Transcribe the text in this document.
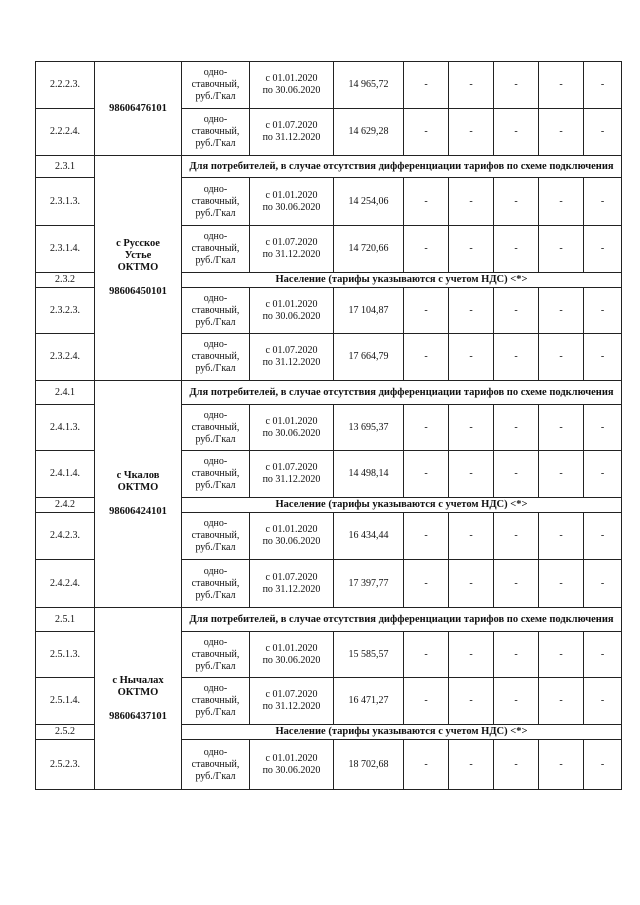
2.2.2.3.	98606476101	одно-
ставочный,
руб./Гкал	с 01.01.2020
по 30.06.2020	14 965,72	-	-	-	-	-
2.2.2.4.		одно-
ставочный,
руб./Гкал	с 01.07.2020
по 31.12.2020	14 629,28	-	-	-	-	-
2.3.1	с Русское
Устье
ОКТМО

98606450101	Для потребителей, в случае отсутствия дифференциации тарифов по схеме подключения							
2.3.1.3.		одно-
ставочный,
руб./Гкал	с 01.01.2020
по 30.06.2020	14 254,06	-	-	-	-	-
2.3.1.4.		одно-
ставочный,
руб./Гкал	с 01.07.2020
по 31.12.2020	14 720,66	-	-	-	-	-
2.3.2		Население (тарифы указываются с учетом НДС) <*>							
2.3.2.3.		одно-
ставочный,
руб./Гкал	с 01.01.2020
по 30.06.2020	17 104,87	-	-	-	-	-
2.3.2.4.		одно-
ставочный,
руб./Гкал	с 01.07.2020
по 31.12.2020	17 664,79	-	-	-	-	-
2.4.1	с Чкалов
ОКТМО

98606424101	Для потребителей, в случае отсутствия дифференциации тарифов по схеме подключения							
2.4.1.3.		одно-
ставочный,
руб./Гкал	с 01.01.2020
по 30.06.2020	13 695,37	-	-	-	-	-
2.4.1.4.		одно-
ставочный,
руб./Гкал	с 01.07.2020
по 31.12.2020	14 498,14	-	-	-	-	-
2.4.2		Население (тарифы указываются с учетом НДС) <*>							
2.4.2.3.		одно-
ставочный,
руб./Гкал	с 01.01.2020
по 30.06.2020	16 434,44	-	-	-	-	-
2.4.2.4.		одно-
ставочный,
руб./Гкал	с 01.07.2020
по 31.12.2020	17 397,77	-	-	-	-	-
2.5.1	с Нычалах
ОКТМО

98606437101	Для потребителей, в случае отсутствия дифференциации тарифов по схеме подключения							
2.5.1.3.		одно-
ставочный,
руб./Гкал	с 01.01.2020
по 30.06.2020	15 585,57	-	-	-	-	-
2.5.1.4.		одно-
ставочный,
руб./Гкал	с 01.07.2020
по 31.12.2020	16 471,27	-	-	-	-	-
2.5.2		Население (тарифы указываются с учетом НДС) <*>							
2.5.2.3.		одно-
ставочный,
руб./Гкал	с 01.01.2020
по 30.06.2020	18 702,68	-	-	-	-	-
